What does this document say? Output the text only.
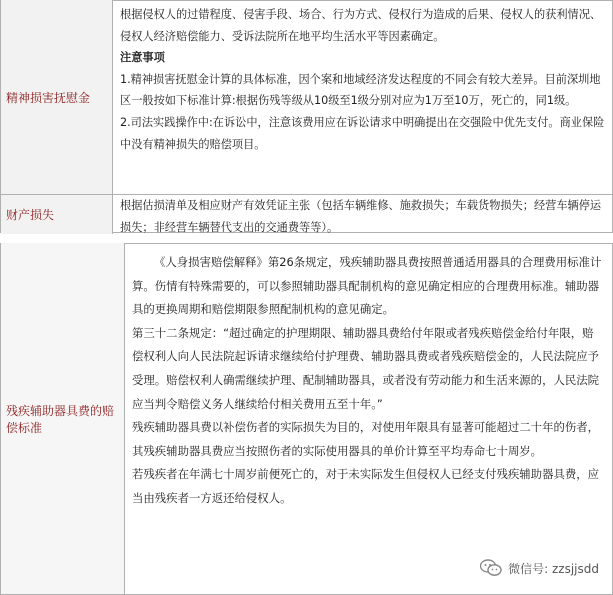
精神损害抚慰金

根据侵权人的过错程度、侵害手段、场合、行为方式、侵权行为造成的后果、侵权人的获利情况、侵权人经济赔偿能力、受诉法院所在地平均生活水平等因素确定。

注意事项

1.精神损害抚慰金计算的具体标准，因个案和地域经济发达程度的不同会有较大差异。目前深圳地区一般按如下标准计算:根据伤残等级从10级至1级分别对应为1万至10万，死亡的，同1级。

2.司法实践操作中:在诉讼中，注意该费用应在诉讼请求中明确提出在交强险中优先支付。商业保险中没有精神损失的赔偿项目。

财产损失

根据估损清单及相应财产有效凭证主张（包括车辆维修、施救损失；车载货物损失；经营车辆停运损失；非经营车辆替代支出的交通费等等）。

残疾辅助器具费的赔偿标准

《人身损害赔偿解释》第26条规定，残疾辅助器具费按照普通适用器具的合理费用标准计算。伤情有特殊需要的，可以参照辅助器具配制机构的意见确定相应的合理费用标准。辅助器具的更换周期和赔偿期限参照配制机构的意见确定。

第三十二条规定：“超过确定的护理期限、辅助器具费给付年限或者残疾赔偿金给付年限，赔偿权利人向人民法院起诉请求继续给付护理费、辅助器具费或者残疾赔偿金的，人民法院应予受理。赔偿权利人确需继续护理、配制辅助器具，或者没有劳动能力和生活来源的，人民法院应当判令赔偿义务人继续给付相关费用五至十年。”

残疾辅助器具费以补偿伤者的实际损失为目的，对使用年限具有显著可能超过二十年的伤者，其残疾辅助器具费应当按照伤者的实际使用器具的单价计算至平均寿命七十周岁。

若残疾者在年满七十周岁前便死亡的，对于未实际发生但侵权人已经支付残疾辅助器具费，应当由残疾者一方返还给侵权人。

微信号: zzsjjsdd
